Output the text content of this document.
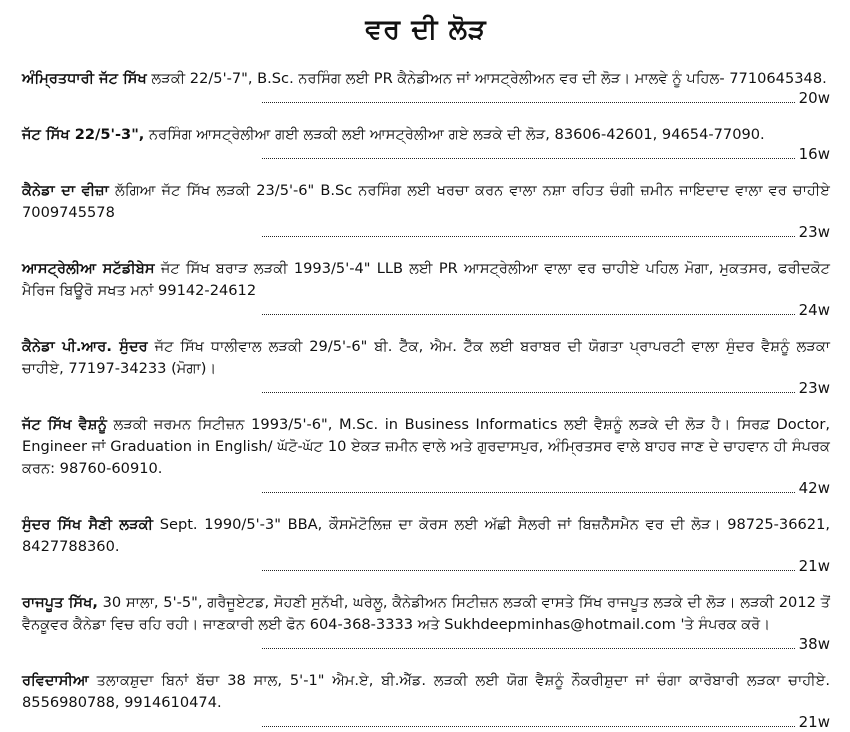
ਵਰ ਦੀ ਲੋੜ
ਅੰਮ੍ਰਿਤਧਾਰੀ ਜੱਟ ਸਿੱਖ ਲੜਕੀ 22/5'-7", B.Sc. ਨਰਸਿੰਗ ਲਈ PR ਕੈਨੇਡੀਅਨ ਜਾਂ ਆਸਟ੍ਰੇਲੀਅਨ ਵਰ ਦੀ ਲੋੜ। ਮਾਲਵੇ ਨੂੰ ਪਹਿਲ- 7710645348.
20w
ਜੱਟ ਸਿੱਖ 22/5'-3", ਨਰਸਿੰਗ ਆਸਟ੍ਰੇਲੀਆ ਗਈ ਲੜਕੀ ਲਈ ਆਸਟ੍ਰੇਲੀਆ ਗਏ ਲੜਕੇ ਦੀ ਲੋੜ, 83606-42601, 94654-77090.
16w
ਕੈਨੇਡਾ ਦਾ ਵੀਜ਼ਾ ਲੱਗਿਆ ਜੱਟ ਸਿੱਖ ਲੜਕੀ 23/5'-6" B.Sc ਨਰਸਿੰਗ ਲਈ ਖਰਚਾ ਕਰਨ ਵਾਲਾ ਨਸ਼ਾ ਰਹਿਤ ਚੰਗੀ ਜ਼ਮੀਨ ਜਾਇਦਾਦ ਵਾਲਾ ਵਰ ਚਾਹੀਏ 7009745578
23w
ਆਸਟ੍ਰੇਲੀਆ ਸਟੱਡੀਬੇਸ ਜੱਟ ਸਿੱਖ ਬਰਾੜ ਲੜਕੀ 1993/5'-4" LLB ਲਈ PR ਆਸਟ੍ਰੇਲੀਆ ਵਾਲਾ ਵਰ ਚਾਹੀਏ ਪਹਿਲ ਮੋਗਾ, ਮੁਕਤਸਰ, ਫਰੀਦਕੋਟ ਮੈਰਿਜ ਬਿਊਰੋ ਸਖਤ ਮਨਾਂ 99142-24612
24w
ਕੈਨੇਡਾ ਪੀ.ਆਰ. ਸੁੰਦਰ ਜੱਟ ਸਿੱਖ ਧਾਲੀਵਾਲ ਲੜਕੀ 29/5'-6" ਬੀ. ਟੈੱਕ, ਐਮ. ਟੈੱਕ ਲਈ ਬਰਾਬਰ ਦੀ ਯੋਗਤਾ ਪ੍ਰਾਪਰਟੀ ਵਾਲਾ ਸੁੰਦਰ ਵੈਸ਼ਨੂੰ ਲੜਕਾ ਚਾਹੀਏ, 77197-34233 (ਮੋਗਾ)।
23w
ਜੱਟ ਸਿੱਖ ਵੈਸ਼ਨੂੰ ਲੜਕੀ ਜਰਮਨ ਸਿਟੀਜ਼ਨ 1993/5'-6", M.Sc. in Business Informatics ਲਈ ਵੈਸ਼ਨੂੰ ਲੜਕੇ ਦੀ ਲੋੜ ਹੈ। ਸਿਰਫ਼ Doctor, Engineer ਜਾਂ Graduation in English/ ਘੱਟੋ-ਘੱਟ 10 ਏਕੜ ਜ਼ਮੀਨ ਵਾਲੇ ਅਤੇ ਗੁਰਦਾਸਪੁਰ, ਅੰਮ੍ਰਿਤਸਰ ਵਾਲੇ ਬਾਹਰ ਜਾਣ ਦੇ ਚਾਹਵਾਨ ਹੀ ਸੰਪਰਕ ਕਰਨ: 98760-60910.
42w
ਸੁੰਦਰ ਸਿੱਖ ਸੈਣੀ ਲੜਕੀ Sept. 1990/5'-3" BBA, ਕੌਸਮੋਟੋਲਿਜ਼ ਦਾ ਕੋਰਸ ਲਈ ਅੱਛੀ ਸੈਲਰੀ ਜਾਂ ਬਿਜ਼ਨੈੱਸਮੈਨ ਵਰ ਦੀ ਲੋੜ। 98725-36621, 8427788360.
21w
ਰਾਜਪੂਤ ਸਿੱਖ, 30 ਸਾਲਾ, 5'-5", ਗਰੈਜੂਏਟਡ, ਸੋਹਣੀ ਸੁਨੱਖੀ, ਘਰੇਲੂ, ਕੈਨੇਡੀਅਨ ਸਿਟੀਜ਼ਨ ਲੜਕੀ ਵਾਸਤੇ ਸਿੱਖ ਰਾਜਪੂਤ ਲੜਕੇ ਦੀ ਲੋੜ। ਲੜਕੀ 2012 ਤੋਂ ਵੈਨਕੂਵਰ ਕੈਨੇਡਾ ਵਿਚ ਰਹਿ ਰਹੀ। ਜਾਣਕਾਰੀ ਲਈ ਫੋਨ 604-368-3333 ਅਤੇ Sukhdeepminhas@hotmail.com 'ਤੇ ਸੰਪਰਕ ਕਰੋ।
38w
ਰਵਿਦਾਸੀਆ ਤਲਾਕਸ਼ੁਦਾ ਬਿਨਾਂ ਬੱਚਾ 38 ਸਾਲ, 5'-1" ਐਮ.ਏ, ਬੀ.ਐੱਡ. ਲੜਕੀ ਲਈ ਯੋਗ ਵੈਸ਼ਨੂੰ ਨੌਕਰੀਸ਼ੁਦਾ ਜਾਂ ਚੰਗਾ ਕਾਰੋਬਾਰੀ ਲੜਕਾ ਚਾਹੀਏ. 8556980788, 9914610474.
21w
